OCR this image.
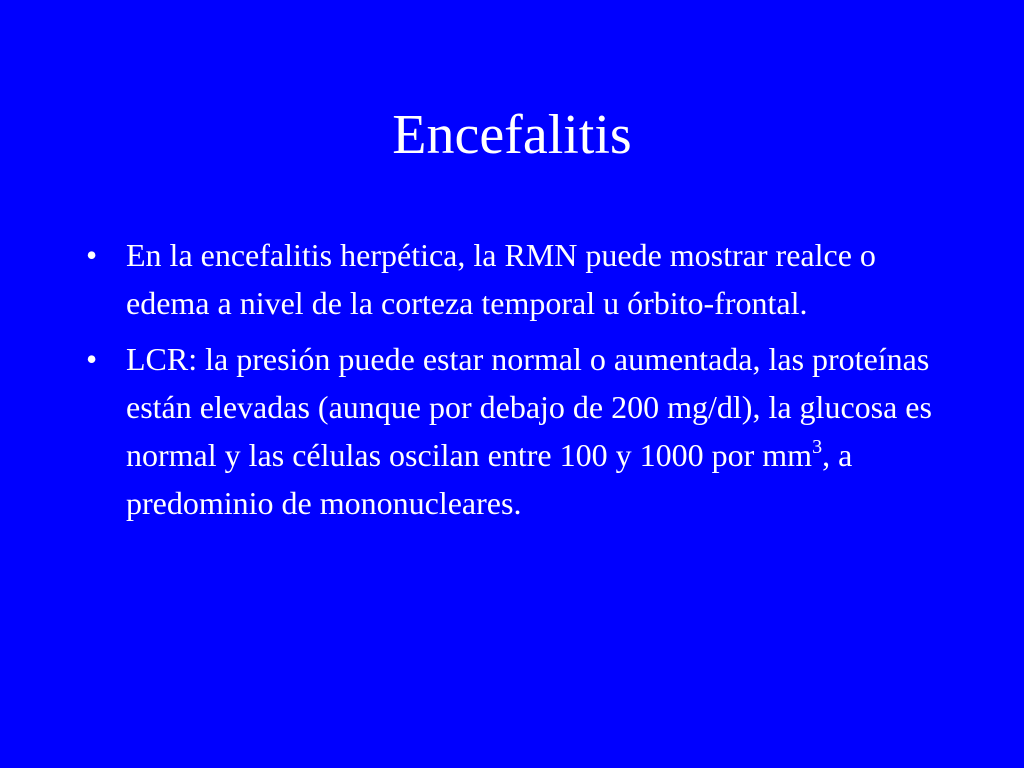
Encefalitis
• En la encefalitis herpética, la RMN puede mostrar realce o edema a nivel de la corteza temporal u órbito-frontal.
• LCR: la presión puede estar normal o aumentada, las proteínas están elevadas (aunque por debajo de 200 mg/dl), la glucosa es normal y las células oscilan entre 100 y 1000 por $mm^3$, a predominio de mononucleares.
